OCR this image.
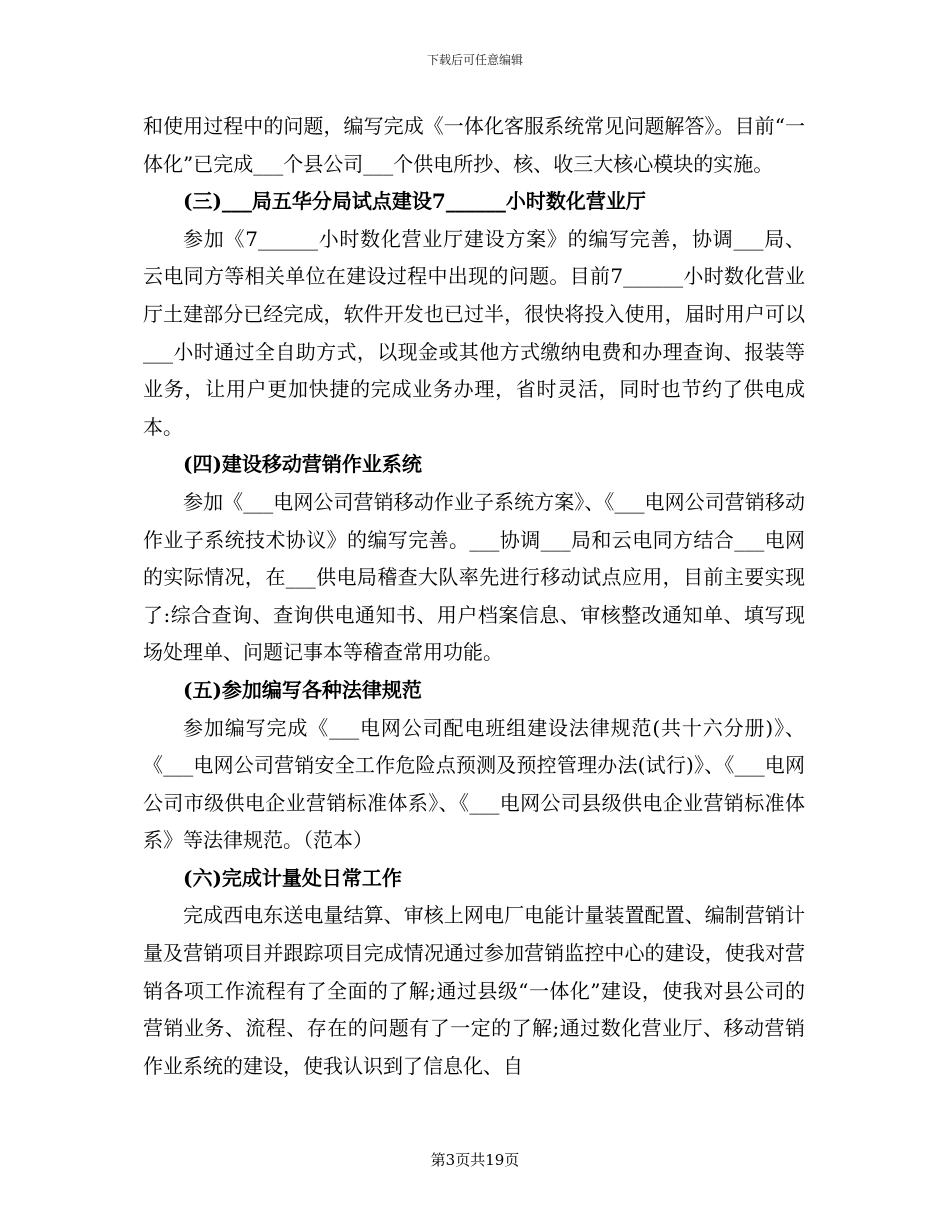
下载后可任意编辑

和使用过程中的问题，编写完成《一体化客服系统常见问题解答》。目前“一体化”已完成___个县公司___个供电所抄、核、收三大核心模块的实施。

(三)___局五华分局试点建设7______小时数化营业厅

参加《7______小时数化营业厅建设方案》的编写完善，协调___局、云电同方等相关单位在建设过程中出现的问题。目前7______小时数化营业厅土建部分已经完成，软件开发也已过半，很快将投入使用，届时用户可以___小时通过全自助方式，以现金或其他方式缴纳电费和办理查询、报装等业务，让用户更加快捷的完成业务办理，省时灵活，同时也节约了供电成本。

(四)建设移动营销作业系统

参加《___电网公司营销移动作业子系统方案》、《___电网公司营销移动作业子系统技术协议》的编写完善。___协调___局和云电同方结合___电网的实际情况，在___供电局稽查大队率先进行移动试点应用，目前主要实现了:综合查询、查询供电通知书、用户档案信息、审核整改通知单、填写现场处理单、问题记事本等稽查常用功能。

(五)参加编写各种法律规范

参加编写完成《___电网公司配电班组建设法律规范(共十六分册)》、《___电网公司营销安全工作危险点预测及预控管理办法(试行)》、《___电网公司市级供电企业营销标准体系》、《___电网公司县级供电企业营销标准体系》等法律规范。（范本）

(六)完成计量处日常工作

完成西电东送电量结算、审核上网电厂电能计量装置配置、编制营销计量及营销项目并跟踪项目完成情况通过参加营销监控中心的建设，使我对营销各项工作流程有了全面的了解;通过县级“一体化”建设，使我对县公司的营销业务、流程、存在的问题有了一定的了解;通过数化营业厅、移动营销作业系统的建设，使我认识到了信息化、自

第3页共19页
